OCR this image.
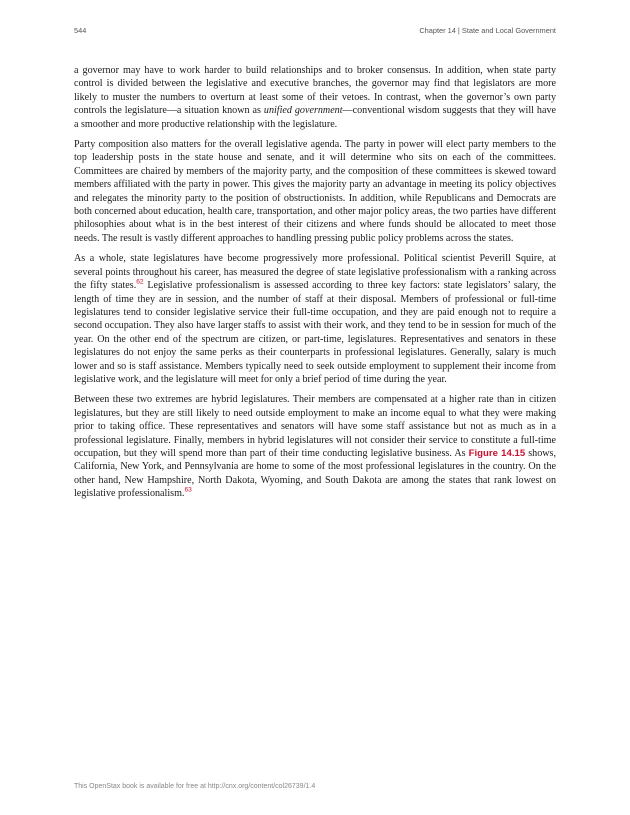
544	Chapter 14 | State and Local Government

a governor may have to work harder to build relationships and to broker consensus. In addition, when state party control is divided between the legislative and executive branches, the governor may find that legislators are more likely to muster the numbers to overturn at least some of their vetoes. In contrast, when the governor’s own party controls the legislature—a situation known as unified government—conventional wisdom suggests that they will have a smoother and more productive relationship with the legislature.

Party composition also matters for the overall legislative agenda. The party in power will elect party members to the top leadership posts in the state house and senate, and it will determine who sits on each of the committees. Committees are chaired by members of the majority party, and the composition of these committees is skewed toward members affiliated with the party in power. This gives the majority party an advantage in meeting its policy objectives and relegates the minority party to the position of obstructionists. In addition, while Republicans and Democrats are both concerned about education, health care, transportation, and other major policy areas, the two parties have different philosophies about what is in the best interest of their citizens and where funds should be allocated to meet those needs. The result is vastly different approaches to handling pressing public policy problems across the states.

As a whole, state legislatures have become progressively more professional. Political scientist Peverill Squire, at several points throughout his career, has measured the degree of state legislative professionalism with a ranking across the fifty states.$^{62}$ Legislative professionalism is assessed according to three key factors: state legislators’ salary, the length of time they are in session, and the number of staff at their disposal. Members of professional or full-time legislatures tend to consider legislative service their full-time occupation, and they are paid enough not to require a second occupation. They also have larger staffs to assist with their work, and they tend to be in session for much of the year. On the other end of the spectrum are citizen, or part-time, legislatures. Representatives and senators in these legislatures do not enjoy the same perks as their counterparts in professional legislatures. Generally, salary is much lower and so is staff assistance. Members typically need to seek outside employment to supplement their income from legislative work, and the legislature will meet for only a brief period of time during the year.

Between these two extremes are hybrid legislatures. Their members are compensated at a higher rate than in citizen legislatures, but they are still likely to need outside employment to make an income equal to what they were making prior to taking office. These representatives and senators will have some staff assistance but not as much as in a professional legislature. Finally, members in hybrid legislatures will not consider their service to constitute a full-time occupation, but they will spend more than part of their time conducting legislative business. As Figure 14.15 shows, California, New York, and Pennsylvania are home to some of the most professional legislatures in the country. On the other hand, New Hampshire, North Dakota, Wyoming, and South Dakota are among the states that rank lowest on legislative professionalism.$^{63}$

This OpenStax book is available for free at http://cnx.org/content/col26739/1.4
